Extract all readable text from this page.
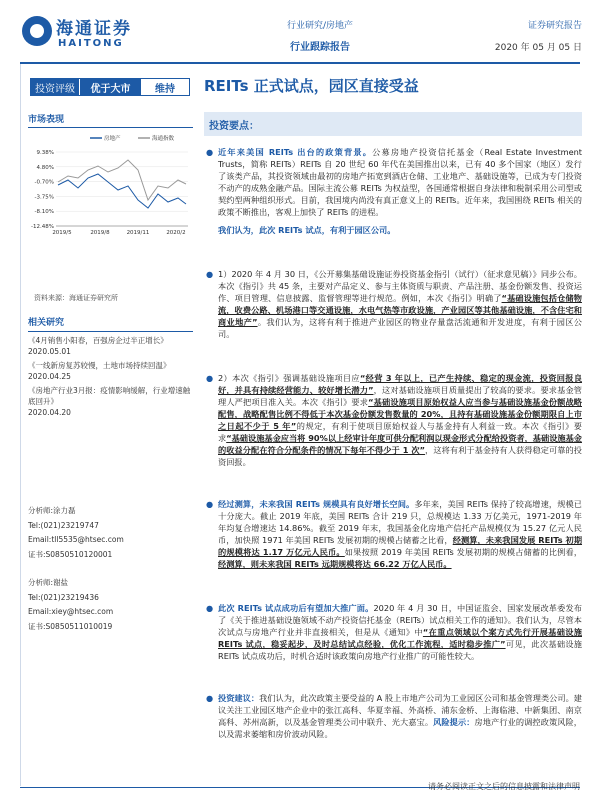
海通证券
HAITONG
行业研究/房地产
行业跟踪报告
证券研究报告
2020 年 05 月 05 日
投资评级	优于大市	维持	REITs 正式试点，园区直接受益
市场表现
房地产	海通指数
9.38%
4.80%
-0.70%
-3.75%
-8.10%
-12.48%
2019/5	2019/8	2019/11	2020/2
资料来源：海通证券研究所
相关研究
《4月销售小阳春，百强房企过半正增长》
2020.05.01
《一线新房复苏较慢，土地市场持续回温》
2020.04.25
《房地产行业3月报：疫情影响缓解，行业增速触底回升》
2020.04.20
分析师:涂力磊
Tel:(021)23219747
Email:tll5535@htsec.com
证书:S0850510120001
分析师:谢盐
Tel:(021)23219436
Email:xiey@htsec.com
证书:S0850511010019
投资要点：
● 近年来美国 REITs 出台的政策背景。公募房地产投资信托基金（Real Estate Investment Trusts，简称 REITs）REITs 自 20 世纪 60 年代在美国推出以来，已有 40 多个国家（地区）发行了该类产品，其投资领域由最初的房地产拓宽到酒店仓储、工业地产、基础设施等，已成为专门投资不动产的成熟金融产品。国际主流公募 REITs 为权益型，各国通常根据自身法律和税制采用公司型或契约型两种组织形式。目前，我国境内尚没有真正意义上的 REITs。近年来，我国围绕 REITs 相关的政策不断推出，客观上加快了 REITs 的进程。
我们认为，此次 REITs 试点，有利于园区公司。
● 1）2020 年 4 月 30 日，《公开募集基础设施证券投资基金指引（试行）（征求意见稿）》同步公布。本次《指引》共 45 条，主要对产品定义、参与主体资质与职责、产品注册、基金份额发售、投资运作、项目管理、信息披露、监督管理等进行规范。例如，本次《指引》明确了“基础设施包括仓储物流，收费公路、机场港口等交通设施，水电气热等市政设施，产业园区等其他基础设施，不含住宅和商业地产”。我们认为，这将有利于推进产业园区的物业存量盘活流通和开发进度，有利于园区公司。
● 2）本次《指引》强调基础设施项目应“经营 3 年以上，已产生持续、稳定的现金流，投资回报良好，并具有持续经营能力、较好增长潜力”，这对基础设施项目质量提出了较高的要求。要求基金管理人严把项目准入关。本次《指引》要求“基础设施项目原始权益人应当参与基础设施基金份额战略配售，战略配售比例不得低于本次基金份额发售数量的 20%，且持有基础设施基金份额期限自上市之日起不少于 5 年”的规定，有利于使项目原始权益人与基金持有人利益一致。本次《指引》要求“基础设施基金应当将 90%以上经审计年度可供分配利润以现金形式分配给投资者，基础设施基金的收益分配在符合分配条件的情况下每年不得少于 1 次”，这将有利于基金持有人获得稳定可靠的投资回报。
● 经过测算，未来我国 REITs 规模具有良好增长空间。多年来，美国 REITs 保持了较高增速，规模已十分庞大。截止 2019 年底，美国 REITs 合计 219 只，总规模达 1.33 万亿美元，1971-2019 年年均复合增速达 14.86%。截至 2019 年末，我国基金化房地产信托产品规模仅为 15.27 亿元人民币，加快照 1971 年美国 REITs 发展初期的规模占储蓄之比看，经测算，未来我国发展 REITs 初期的规模将达 1.17 万亿元人民币。如果按照 2019 年美国 REITs 发展初期的规模占储蓄的比例看，经测算，则未来我国 REITs 远期规模将达 66.22 万亿人民币。
● 此次 REITs 试点成功后有望加大推广面。2020 年 4 月 30 日，中国证监会、国家发展改革委发布了《关于推进基础设施领域不动产投资信托基金（REITs）试点相关工作的通知》。我们认为，尽管本次试点与房地产行业并非直接相关，但是从《通知》中“在重点领域以个案方式先行开展基础设施 REITs 试点，稳妥起步，及时总结试点经验，优化工作流程，适时稳步推广”可见，此次基础设施 REITs 试点成功后，时机合适时该政策向房地产行业推广的可能性较大。
● 投资建议：我们认为，此次政策主要受益的 A 股上市地产公司为工业园区公司和基金管理类公司。建议关注工业园区地产企业中的张江高科、华夏幸福、外高桥、浦东金桥、上海临港、中新集团、南京高科、苏州高新，以及基金管理类公司中联升、光大嘉宝。风险提示：房地产行业的调控政策风险，以及需求萎缩和房价波动风险。
请务必阅读正文之后的信息披露和法律声明
